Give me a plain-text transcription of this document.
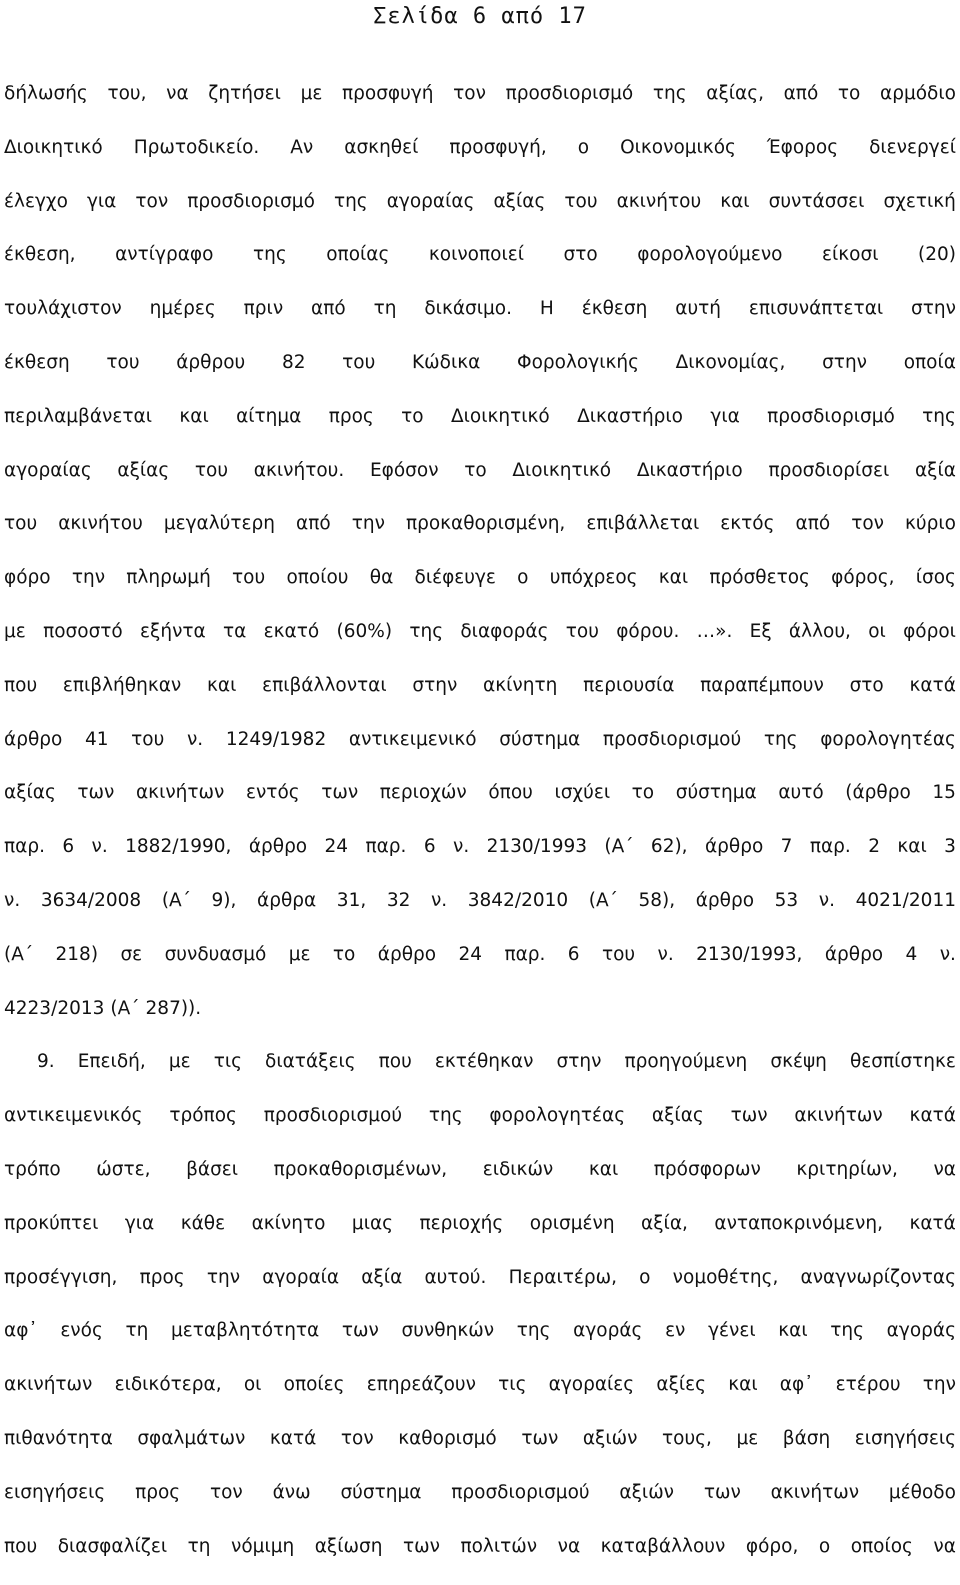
Σελίδα 6 από 17
δήλωσής του, να ζητήσει με προσφυγή τον προσδιορισμό της αξίας, από το αρμόδιο
Διοικητικό Πρωτοδικείο. Αν ασκηθεί προσφυγή, ο Οικονομικός Έφορος διενεργεί
έλεγχο για τον προσδιορισμό της αγοραίας αξίας του ακινήτου και συντάσσει σχετική
έκθεση, αντίγραφο της οποίας κοινοποιεί στο φορολογούμενο είκοσι (20)
τουλάχιστον ημέρες πριν από τη δικάσιμο. Η έκθεση αυτή επισυνάπτεται στην
έκθεση του άρθρου 82 του Κώδικα Φορολογικής Δικονομίας, στην οποία
περιλαμβάνεται και αίτημα προς το Διοικητικό Δικαστήριο για προσδιορισμό της
αγοραίας αξίας του ακινήτου. Εφόσον το Διοικητικό Δικαστήριο προσδιορίσει αξία
του ακινήτου μεγαλύτερη από την προκαθορισμένη, επιβάλλεται εκτός από τον κύριο
φόρο την πληρωμή του οποίου θα διέφευγε ο υπόχρεος και πρόσθετος φόρος, ίσος
με ποσοστό εξήντα τα εκατό (60%) της διαφοράς του φόρου. …». Εξ άλλου, οι φόροι
που επιβλήθηκαν και επιβάλλονται στην ακίνητη περιουσία παραπέμπουν στο κατά
άρθρο 41 του ν. 1249/1982 αντικειμενικό σύστημα προσδιορισμού της φορολογητέας
αξίας των ακινήτων εντός των περιοχών όπου ισχύει το σύστημα αυτό (άρθρο 15
παρ. 6 ν. 1882/1990, άρθρο 24 παρ. 6 ν. 2130/1993 (Α΄ 62), άρθρο 7 παρ. 2 και 3
ν. 3634/2008 (Α΄ 9), άρθρα 31, 32 ν. 3842/2010 (Α΄ 58), άρθρο 53 ν. 4021/2011
(Α΄ 218) σε συνδυασμό με το άρθρο 24 παρ. 6 του ν. 2130/1993, άρθρο 4 ν.
4223/2013 (Α΄ 287)).
9. Επειδή, με τις διατάξεις που εκτέθηκαν στην προηγούμενη σκέψη θεσπίστηκε
αντικειμενικός τρόπος προσδιορισμού της φορολογητέας αξίας των ακινήτων κατά
τρόπο ώστε, βάσει προκαθορισμένων, ειδικών και πρόσφορων κριτηρίων, να
προκύπτει για κάθε ακίνητο μιας περιοχής ορισμένη αξία, ανταποκρινόμενη, κατά
προσέγγιση, προς την αγοραία αξία αυτού. Περαιτέρω, ο νομοθέτης, αναγνωρίζοντας
αφ᾽ ενός τη μεταβλητότητα των συνθηκών της αγοράς εν γένει και της αγοράς
ακινήτων ειδικότερα, οι οποίες επηρεάζουν τις αγοραίες αξίες και αφ᾽ ετέρου την
πιθανότητα σφαλμάτων κατά τον καθορισμό των αξιών τους, με βάση εισηγήσεις
εισηγήσεις προς τον άνω σύστημα προσδιορισμού αξιών των ακινήτων μέθοδο
που διασφαλίζει τη νόμιμη αξίωση των πολιτών να καταβάλλουν φόρο, ο οποίος να
